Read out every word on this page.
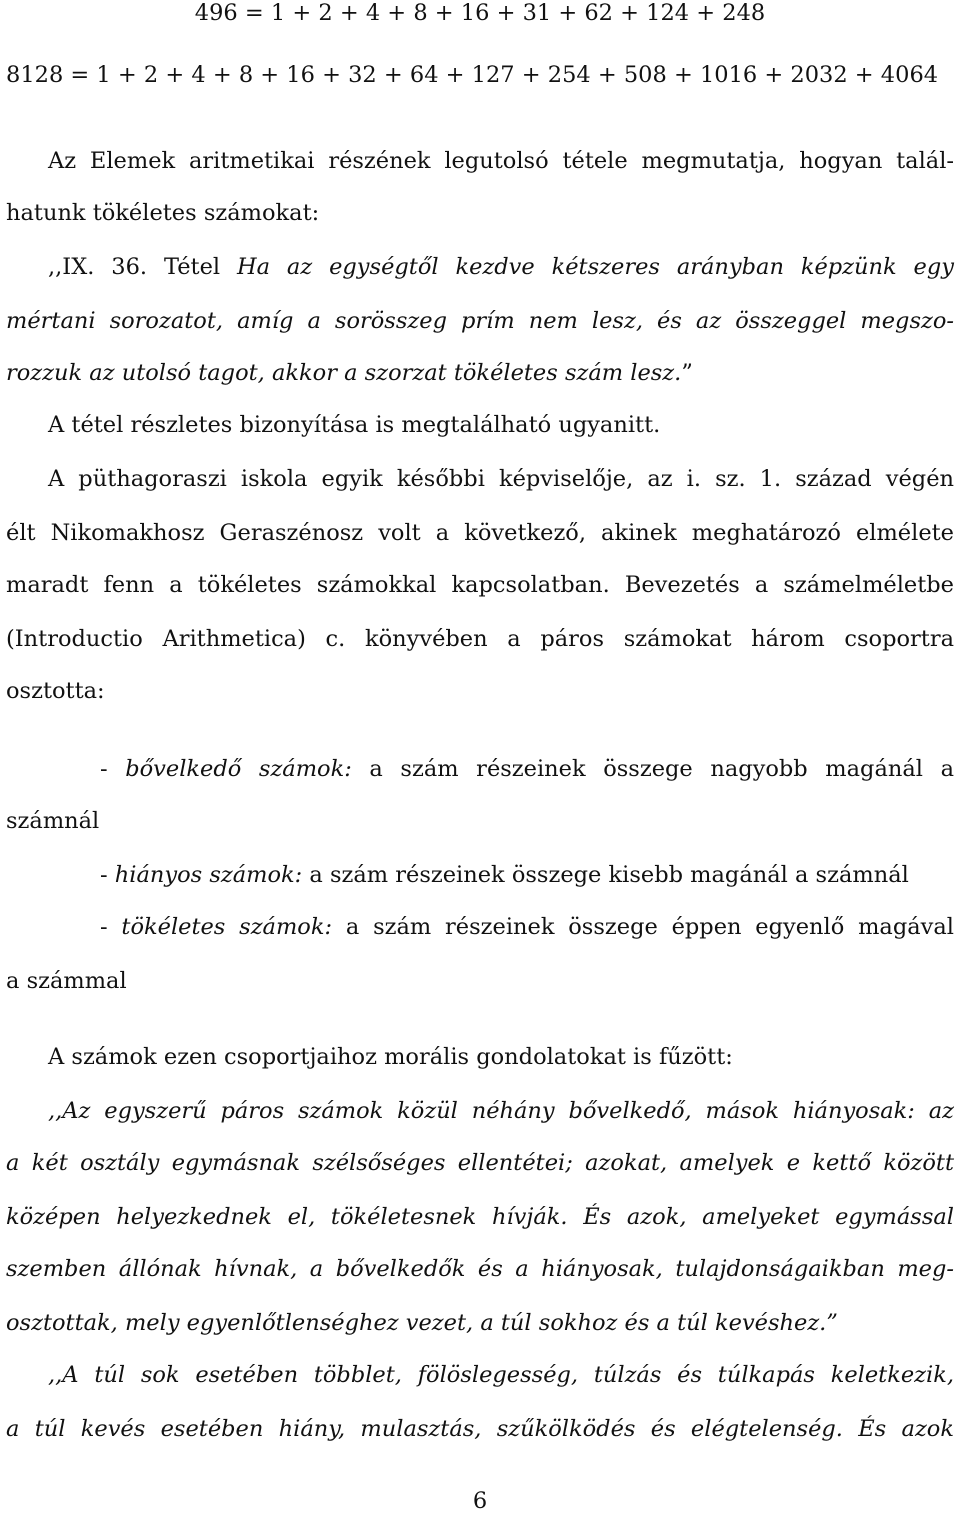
496 = 1 + 2 + 4 + 8 + 16 + 31 + 62 + 124 + 248
8128 = 1 + 2 + 4 + 8 + 16 + 32 + 64 + 127 + 254 + 508 + 1016 + 2032 + 4064
Az Elemek aritmetikai részének legutolsó tétele megmutatja, hogyan talál-
hatunk tökéletes számokat:
,,IX. 36. Tétel Ha az egységtől kezdve kétszeres arányban képzünk egy
mértani sorozatot, amíg a sorösszeg prím nem lesz, és az összeggel megszo-
rozzuk az utolsó tagot, akkor a szorzat tökéletes szám lesz.”
A tétel részletes bizonyítása is megtalálható ugyanitt.
A püthagoraszi iskola egyik későbbi képviselője, az i. sz. 1. század végén
élt Nikomakhosz Geraszénosz volt a következő, akinek meghatározó elmélete
maradt fenn a tökéletes számokkal kapcsolatban. Bevezetés a számelméletbe
(Introductio Arithmetica) c. könyvében a páros számokat három csoportra
osztotta:
- bővelkedő számok: a szám részeinek összege nagyobb magánál a
számnál
- hiányos számok: a szám részeinek összege kisebb magánál a számnál
- tökéletes számok: a szám részeinek összege éppen egyenlő magával
a számmal
A számok ezen csoportjaihoz morális gondolatokat is fűzött:
,,Az egyszerű páros számok közül néhány bővelkedő, mások hiányosak: az
a két osztály egymásnak szélsőséges ellentétei; azokat, amelyek e kettő között
középen helyezkednek el, tökéletesnek hívják. És azok, amelyeket egymással
szemben állónak hívnak, a bővelkedők és a hiányosak, tulajdonságaikban meg-
osztottak, mely egyenlőtlenséghez vezet, a túl sokhoz és a túl kevéshez.”
,,A túl sok esetében többlet, fölöslegesség, túlzás és túlkapás keletkezik,
a túl kevés esetében hiány, mulasztás, szűkölködés és elégtelenség. És azok
6
